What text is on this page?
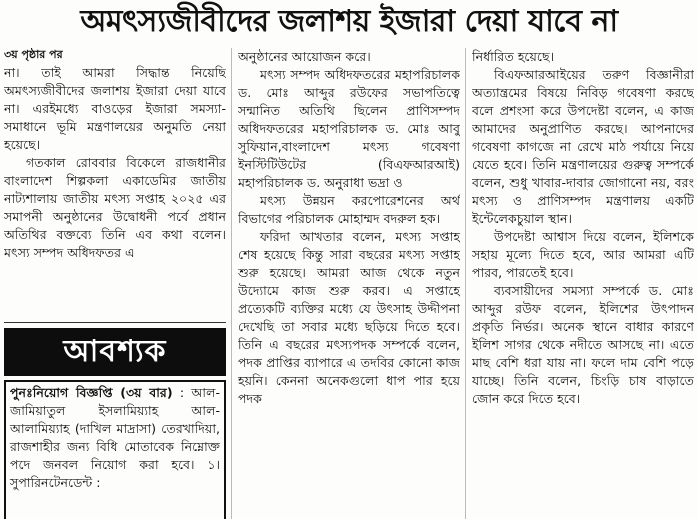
অমৎস্যজীবীদের জলাশয় ইজারা দেয়া যাবে না

৩য় পৃষ্ঠার পর

না। তাই আমরা সিদ্ধান্ত নিয়েছি অমৎস্যজীবীদের জলাশয় ইজারা দেয়া যাবে না। এরইমধ্যে বাওড়ের ইজারা সমস্যা-সমাধানে ভূমি মন্ত্রণালয়ের অনুমতি নেয়া হয়েছে।

গতকাল রোববার বিকেলে রাজধানীর বাংলাদেশ শিল্পকলা একাডেমির জাতীয় নাট্যশালায় জাতীয় মৎস্য সপ্তাহ ২০২৫ এর সমাপনী অনুষ্ঠানের উদ্বোধনী পর্বে প্রধান অতিথির বক্তব্যে তিনি এব কথা বলেন। মৎস্য সম্পদ অধিদফতর এ

আবশ্যক
পুনঃনিয়োগ বিজ্ঞপ্তি (৩য় বার) : আল-জামিয়াতুল ইসলামিয়্যাহ আল-আলামিয়্যাহ (দাখিল মাদ্রাসা) তেরখাদিয়া, রাজশাহীর জন্য বিধি মোতাবেক নিম্নোক্ত পদে জনবল নিয়োগ করা হবে। ১। সুপারিনটেনডেন্ট :

অনুষ্ঠানের আয়োজন করে।

মৎস্য সম্পদ অধিদফতরের মহাপরিচালক ড. মোঃ আব্দুর রউফের সভাপতিত্বে সন্মানিত অতিথি ছিলেন প্রাণিসম্পদ অধিদফতরের মহাপরিচালক ড. মোঃ আবু সুফিয়ান,বাংলাদেশ মৎস্য গবেষণা ইনস্টিটিউটের (বিএফআরআই) মহাপরিচালক ড. অনুরাধা ভদ্রা ও

মৎস্য উন্নয়ন করপোরেশনের অর্থ বিভাগের পরিচালক মোহাম্মদ বদরুল হক।

ফরিদা আখতার বলেন, মৎস্য সপ্তাহ শেষ হয়েছে কিন্তু সারা বছরের মৎস্য সপ্তাহ শুরু হয়েছে। আমরা আজ থেকে নতুন উদ্যোমে কাজ শুরু করব। এ সপ্তাহে প্রত্যেকটি ব্যক্তির মধ্যে যে উৎসাহ উদ্দীপনা দেখেছি তা সবার মধ্যে ছড়িয়ে দিতে হবে। তিনি এ বছরের মৎস্যপদক সম্পর্কে বলেন, পদক প্রাপ্তির ব্যাপারে এ তদবির কোনো কাজ হয়নি। কেননা অনেকগুলো ধাপ পার হয়ে পদক

নির্ধারিত হয়েছে।

বিএফআরআইয়ের তরুণ বিজ্ঞানীরা অত্যান্ত্রমের বিষয়ে নিবিড় গবেষণা করছে বলে প্রশংসা করে উপদেষ্টা বলেন, এ কাজ আমাদের অনুপ্রাণিত করছে। আপনাদের গবেষণা কাগজে না রেখে মাঠ পর্যায়ে নিয়ে যেতে হবে। তিনি মন্ত্রণালয়ের গুরুত্ব সম্পর্কে বলেন, শুধু খাবার-দাবার জোগানো নয়, বরং মৎস্য ও প্রাণিসম্পদ মন্ত্রণালয় একটি ইন্টেলেকচুয়াল স্থান।

উপদেষ্টা আশ্বাস দিয়ে বলেন, ইলিশকে সহায় মূল্যে দিতে হবে, আর আমরা এটি পারব, পারতেই হবে।

ব্যবসায়ীদের সমস্যা সম্পর্কে ড. মোঃ আব্দুর রউফ বলেন, ইলিশের উৎপাদন প্রকৃতি নির্ভর। অনেক স্থানে বাধার কারণে ইলিশ সাগর থেকে নদীতে আসছে না। এতে মাছ বেশি ধরা যায় না। ফলে দাম বেশি পড়ে যাচ্ছে। তিনি বলেন, চিংড়ি চাষ বাড়াতে জোন করে দিতে হবে।
